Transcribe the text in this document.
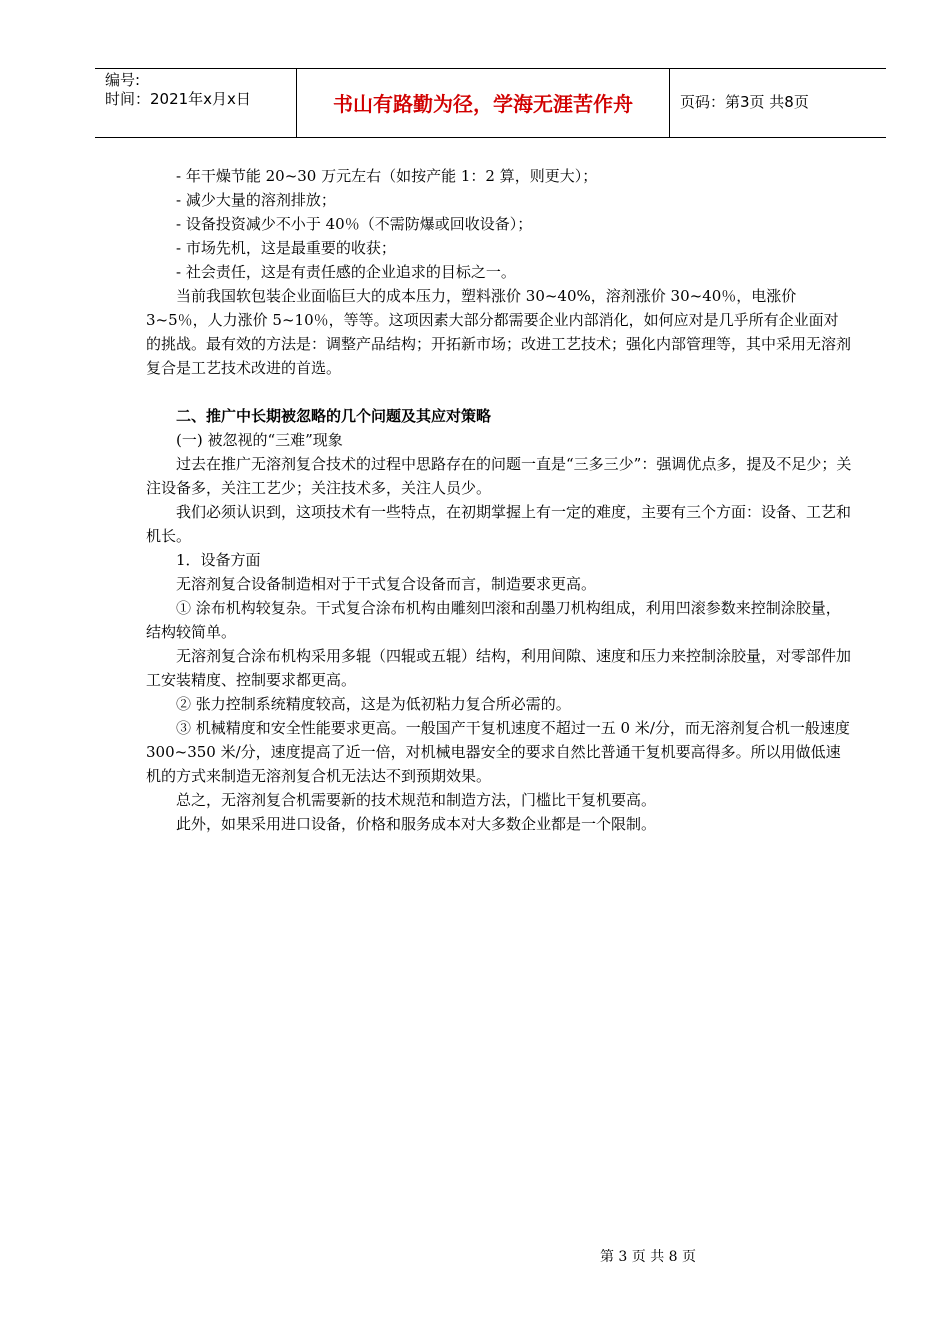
编号:
时间：2021年x月x日	书山有路勤为径，学海无涯苦作舟	页码：第3页 共8页

- 年干燥节能 20~30 万元左右（如按产能 1：2 算，则更大）；

- 减少大量的溶剂排放；

- 设备投资减少不小于 40％（不需防爆或回收设备）；

- 市场先机，这是最重要的收获；

- 社会责任，这是有责任感的企业追求的目标之一。

当前我国软包装企业面临巨大的成本压力，塑料涨价 30~40%，溶剂涨价 30~40％，电涨价 3~5％，人力涨价 5~10％，等等。这项因素大部分都需要企业内部消化，如何应对是几乎所有企业面对的挑战。最有效的方法是：调整产品结构；开拓新市场；改进工艺技术；强化内部管理等，其中采用无溶剂复合是工艺技术改进的首选。

二、推广中长期被忽略的几个问题及其应对策略

(一) 被忽视的“三难”现象

过去在推广无溶剂复合技术的过程中思路存在的问题一直是“三多三少”：强调优点多，提及不足少；关注设备多，关注工艺少；关注技术多，关注人员少。

我们必须认识到，这项技术有一些特点，在初期掌握上有一定的难度，主要有三个方面：设备、工艺和机长。

1．设备方面

无溶剂复合设备制造相对于干式复合设备而言，制造要求更高。

① 涂布机构较复杂。干式复合涂布机构由雕刻凹滚和刮墨刀机构组成，利用凹滚参数来控制涂胶量，结构较简单。

无溶剂复合涂布机构采用多辊（四辊或五辊）结构，利用间隙、速度和压力来控制涂胶量，对零部件加工安装精度、控制要求都更高。

② 张力控制系统精度较高，这是为低初粘力复合所必需的。

③ 机械精度和安全性能要求更高。一般国产干复机速度不超过一五 0 米/分，而无溶剂复合机一般速度 300~350 米/分，速度提高了近一倍，对机械电器安全的要求自然比普通干复机要高得多。所以用做低速机的方式来制造无溶剂复合机无法达不到预期效果。

总之，无溶剂复合机需要新的技术规范和制造方法，门槛比干复机要高。

此外，如果采用进口设备，价格和服务成本对大多数企业都是一个限制。

第 3 页 共 8 页
